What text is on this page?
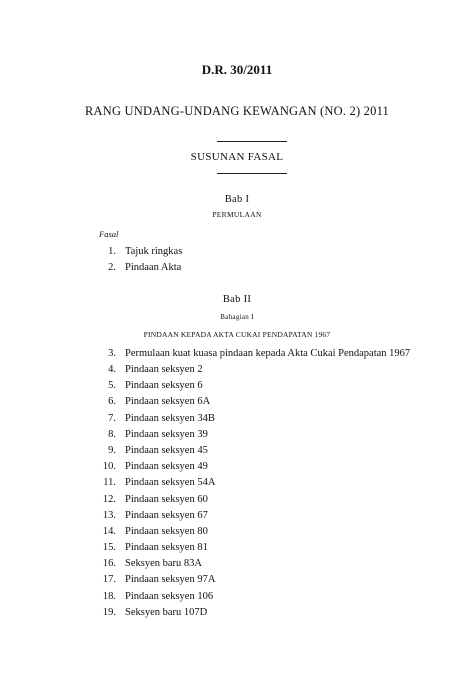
D.R. 30/2011
RANG UNDANG-UNDANG KEWANGAN (NO. 2) 2011
SUSUNAN FASAL
Bab I
PERMULAAN
Fasal
1. Tajuk ringkas
2. Pindaan Akta
Bab II
Bahagian I
PINDAAN KEPADA AKTA CUKAI PENDAPATAN 1967
3. Permulaan kuat kuasa pindaan kepada Akta Cukai Pendapatan 1967
4. Pindaan seksyen 2
5. Pindaan seksyen 6
6. Pindaan seksyen 6A
7. Pindaan seksyen 34B
8. Pindaan seksyen 39
9. Pindaan seksyen 45
10. Pindaan seksyen 49
11. Pindaan seksyen 54A
12. Pindaan seksyen 60
13. Pindaan seksyen 67
14. Pindaan seksyen 80
15. Pindaan seksyen 81
16. Seksyen baru 83A
17. Pindaan seksyen 97A
18. Pindaan seksyen 106
19. Seksyen baru 107D
